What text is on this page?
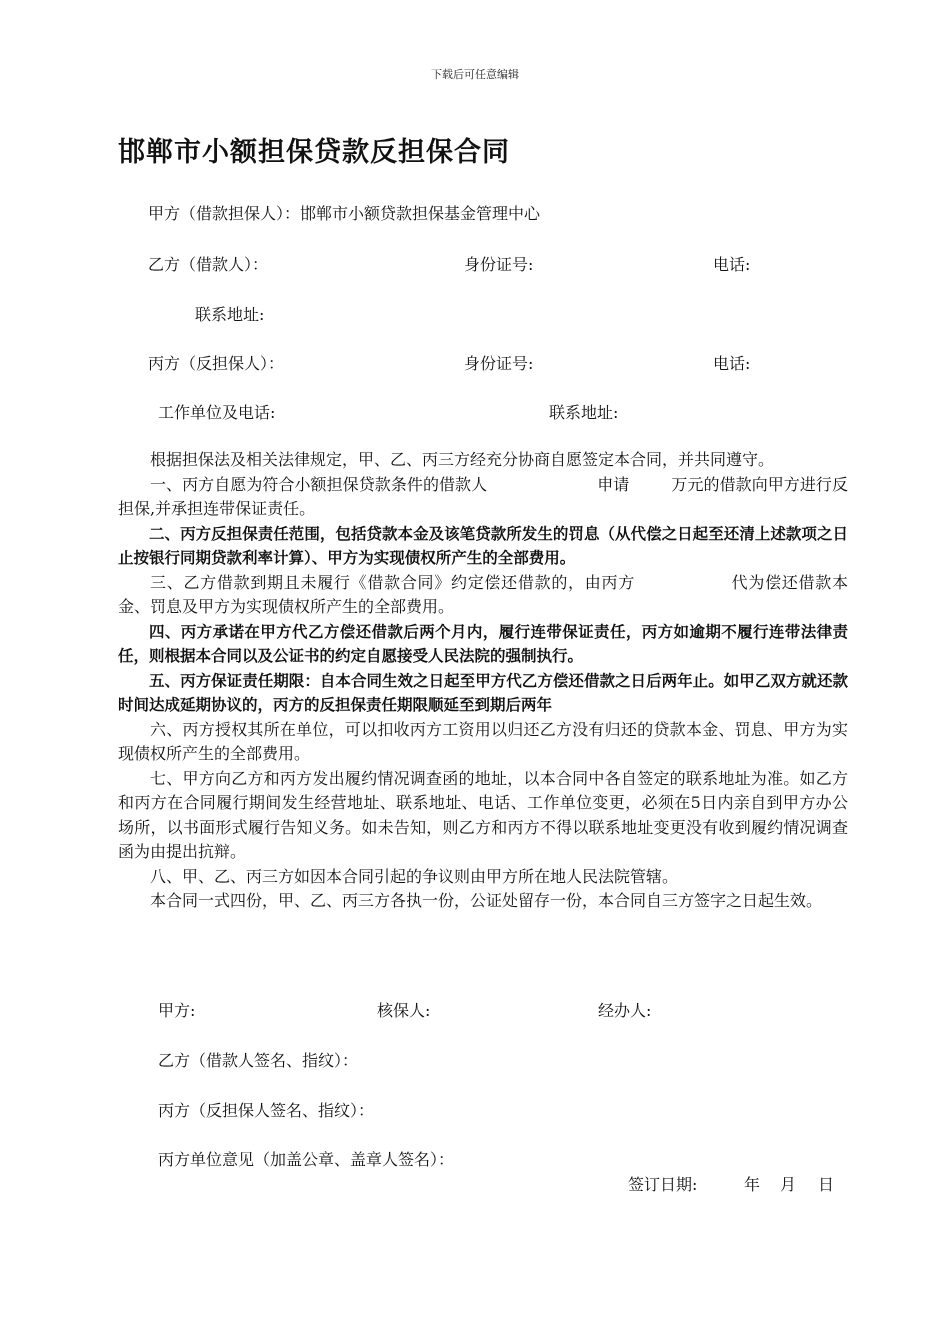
下载后可任意编辑
邯郸市小额担保贷款反担保合同
甲方（借款担保人）：邯郸市小额贷款担保基金管理中心
乙方（借款人）：	身份证号:	电话:
联系地址:
丙方（反担保人）：	身份证号:	电话:
工作单位及电话:	联系地址:

根据担保法及相关法律规定，甲、乙、丙三方经充分协商自愿签定本合同，并共同遵守。

一、丙方自愿为符合小额担保贷款条件的借款人	申请	万元的借款向甲方进行反担保,并承担连带保证责任。

二、丙方反担保责任范围，包括贷款本金及该笔贷款所发生的罚息（从代偿之日起至还清上述款项之日止按银行同期贷款利率计算）、甲方为实现债权所产生的全部费用。

三、乙方借款到期且未履行《借款合同》约定偿还借款的，由丙方	代为偿还借款本金、罚息及甲方为实现债权所产生的全部费用。

四、丙方承诺在甲方代乙方偿还借款后两个月内，履行连带保证责任，丙方如逾期不履行连带法律责任，则根据本合同以及公证书的约定自愿接受人民法院的强制执行。

五、丙方保证责任期限：自本合同生效之日起至甲方代乙方偿还借款之日后两年止。如甲乙双方就还款时间达成延期协议的，丙方的反担保责任期限顺延至到期后两年

六、丙方授权其所在单位，可以扣收丙方工资用以归还乙方没有归还的贷款本金、罚息、甲方为实现债权所产生的全部费用。

七、甲方向乙方和丙方发出履约情况调查函的地址，以本合同中各自签定的联系地址为准。如乙方和丙方在合同履行期间发生经营地址、联系地址、电话、工作单位变更，必须在5日内亲自到甲方办公场所，以书面形式履行告知义务。如未告知，则乙方和丙方不得以联系地址变更没有收到履约情况调查函为由提出抗辩。

八、甲、乙、丙三方如因本合同引起的争议则由甲方所在地人民法院管辖。

本合同一式四份，甲、乙、丙三方各执一份，公证处留存一份，本合同自三方签字之日起生效。

甲方:	核保人:	经办人:
乙方（借款人签名、指纹）：
丙方（反担保人签名、指纹）：
丙方单位意见（加盖公章、盖章人签名）：
签订日期:	年 月 日
